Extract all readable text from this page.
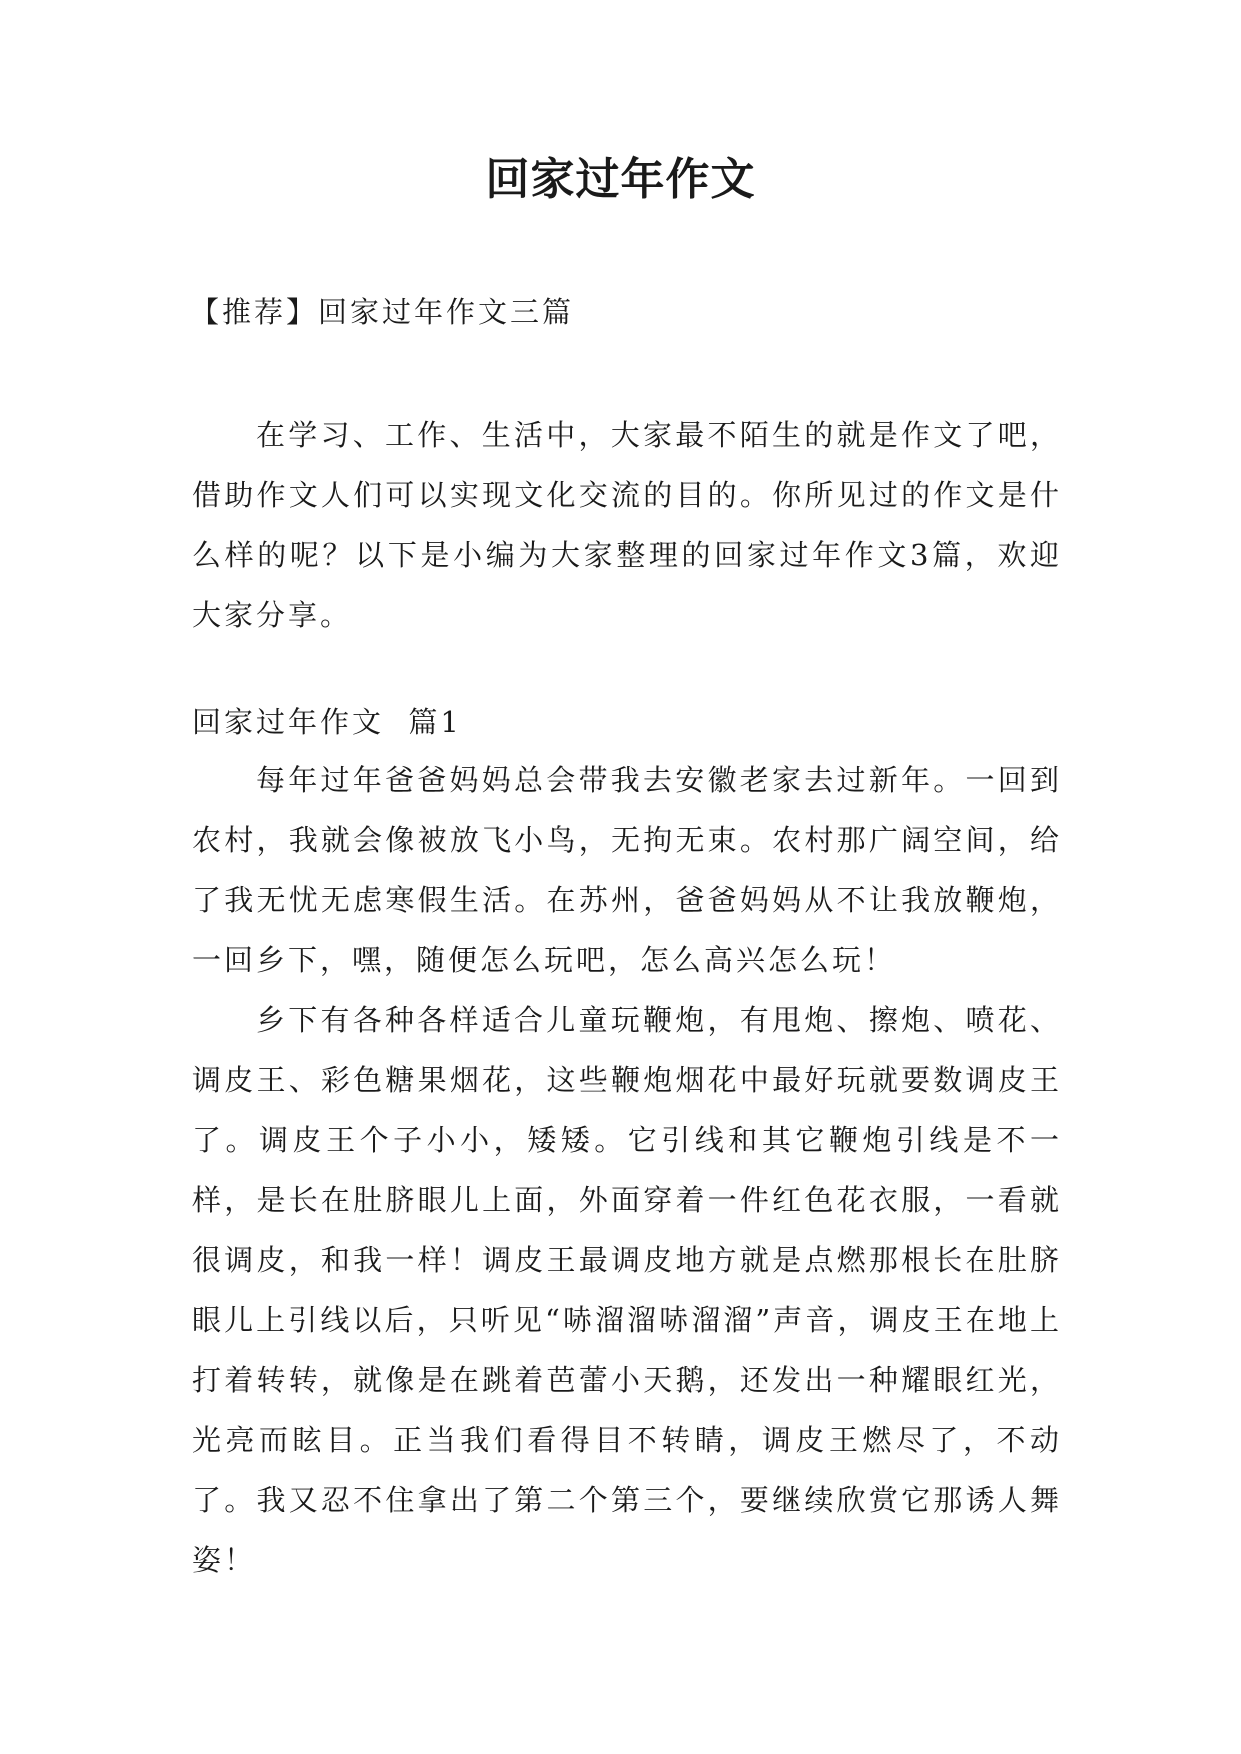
回家过年作文
【推荐】回家过年作文三篇

在学习、工作、生活中，大家最不陌生的就是作文了吧，借助作文人们可以实现文化交流的目的。你所见过的作文是什么样的呢？以下是小编为大家整理的回家过年作文3篇，欢迎大家分享。

回家过年作文  篇1

每年过年爸爸妈妈总会带我去安徽老家去过新年。一回到农村，我就会像被放飞小鸟，无拘无束。农村那广阔空间，给了我无忧无虑寒假生活。在苏州，爸爸妈妈从不让我放鞭炮，一回乡下，嘿，随便怎么玩吧，怎么高兴怎么玩！

乡下有各种各样适合儿童玩鞭炮，有甩炮、擦炮、喷花、调皮王、彩色糖果烟花，这些鞭炮烟花中最好玩就要数调皮王了。调皮王个子小小，矮矮。它引线和其它鞭炮引线是不一样，是长在肚脐眼儿上面，外面穿着一件红色花衣服，一看就很调皮，和我一样！调皮王最调皮地方就是点燃那根长在肚脐眼儿上引线以后，只听见“哧溜溜哧溜溜”声音，调皮王在地上打着转转，就像是在跳着芭蕾小天鹅，还发出一种耀眼红光，光亮而眩目。正当我们看得目不转睛，调皮王燃尽了，不动了。我又忍不住拿出了第二个第三个，要继续欣赏它那诱人舞姿！
